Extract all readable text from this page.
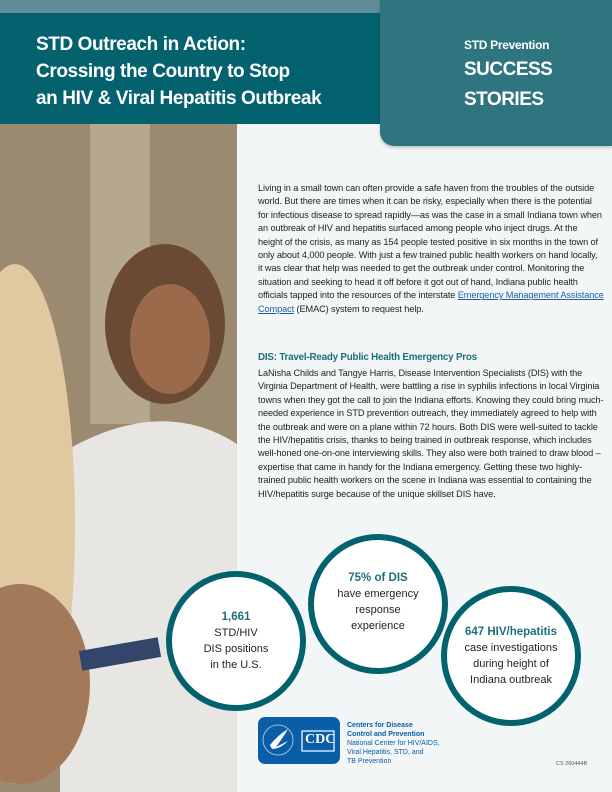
STD Outreach in Action:
Crossing the Country to Stop
an HIV & Viral Hepatitis Outbreak
STD Prevention
SUCCESS
STORIES
Living in a small town can often provide a safe haven from the troubles of the outside world. But there are times when it can be risky, especially when there is the potential for infectious disease to spread rapidly—as was the case in a small Indiana town when an outbreak of HIV and hepatitis surfaced among people who inject drugs. At the height of the crisis, as many as 154 people tested positive in six months in the town of only about 4,000 people. With just a few trained public health workers on hand locally, it was clear that help was needed to get the outbreak under control. Monitoring the situation and seeking to head it off before it got out of hand, Indiana public health officials tapped into the resources of the interstate Emergency Management Assistance Compact (EMAC) system to request help.
DIS: Travel-Ready Public Health Emergency Pros
LaNisha Childs and Tangye Harris, Disease Intervention Specialists (DIS) with the Virginia Department of Health, were battling a rise in syphilis infections in local Virginia towns when they got the call to join the Indiana efforts. Knowing they could bring much-needed experience in STD prevention outreach, they immediately agreed to help with the outbreak and were on a plane within 72 hours. Both DIS were well-suited to tackle the HIV/hepatitis crisis, thanks to being trained in outbreak response, which includes well-honed one-on-one interviewing skills. They also were both trained to draw blood – expertise that came in handy for the Indiana emergency. Getting these two highly-trained public health workers on the scene in Indiana was essential to containing the HIV/hepatitis surge because of the unique skillset DIS have.
1,661
STD/HIV
DIS positions
in the U.S.
75% of DIS
have emergency
response
experience	647 HIV/hepatitis
case investigations
during height of
Indiana outbreak
CDC
Centers for Disease
Control and Prevention
National Center for HIV/AIDS,
Viral Hepatitis, STD, and
TB Prevention	CS 260444B
